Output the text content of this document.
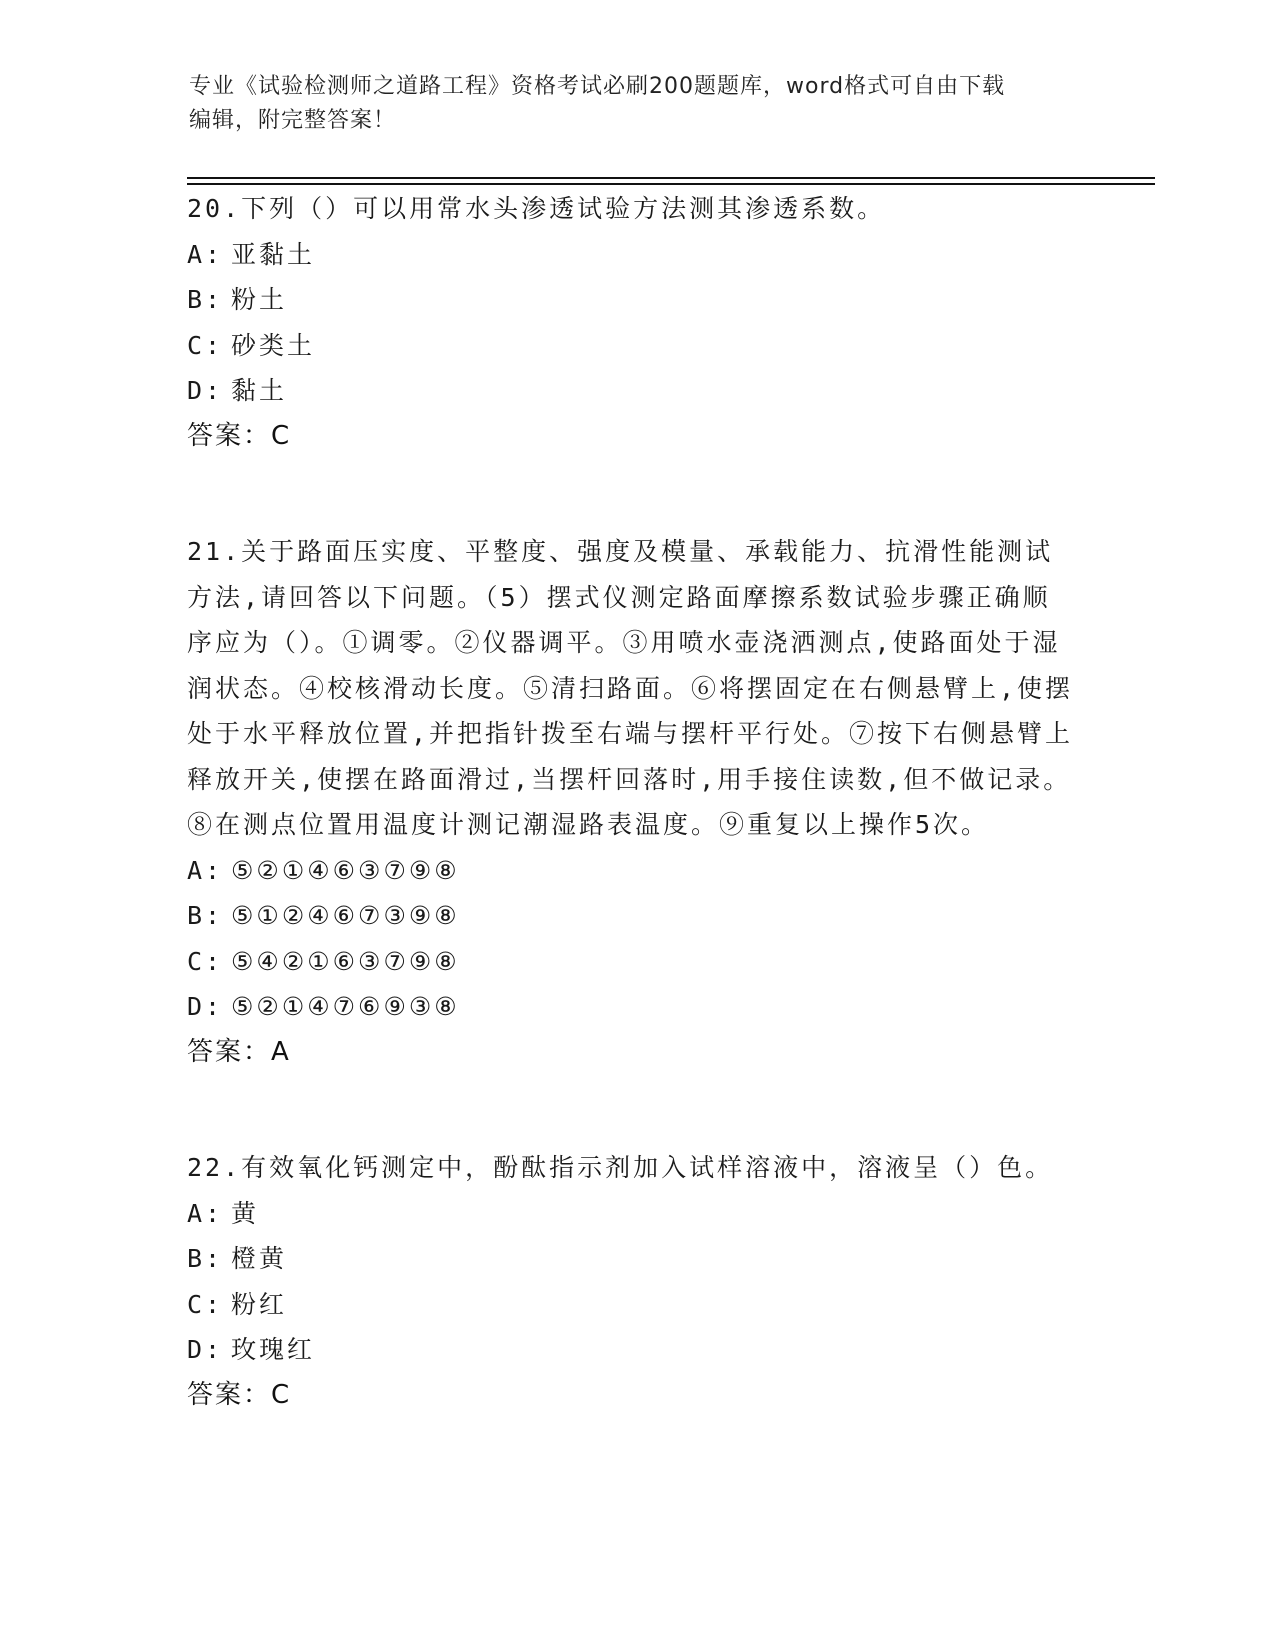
专业《试验检测师之道路工程》资格考试必刷200题题库，word格式可自由下载
编辑，附完整答案！

20.下列（）可以用常水头渗透试验方法测其渗透系数。

A: 亚黏土
B: 粉土
C: 砂类土
D: 黏土
答案：C

21.关于路面压实度、平整度、强度及模量、承载能力、抗滑性能测试方法,请回答以下问题。（5）摆式仪测定路面摩擦系数试验步骤正确顺序应为（）。①调零。②仪器调平。③用喷水壶浇洒测点,使路面处于湿润状态。④校核滑动长度。⑤清扫路面。⑥将摆固定在右侧悬臂上,使摆处于水平释放位置,并把指针拨至右端与摆杆平行处。⑦按下右侧悬臂上释放开关,使摆在路面滑过,当摆杆回落时,用手接住读数,但不做记录。⑧在测点位置用温度计测记潮湿路表温度。⑨重复以上操作5次。

A: ⑤②①④⑥③⑦⑨⑧
B: ⑤①②④⑥⑦③⑨⑧
C: ⑤④②①⑥③⑦⑨⑧
D: ⑤②①④⑦⑥⑨③⑧
答案：A

22.有效氧化钙测定中，酚酞指示剂加入试样溶液中，溶液呈（）色。

A: 黄
B: 橙黄
C: 粉红
D: 玫瑰红
答案：C
